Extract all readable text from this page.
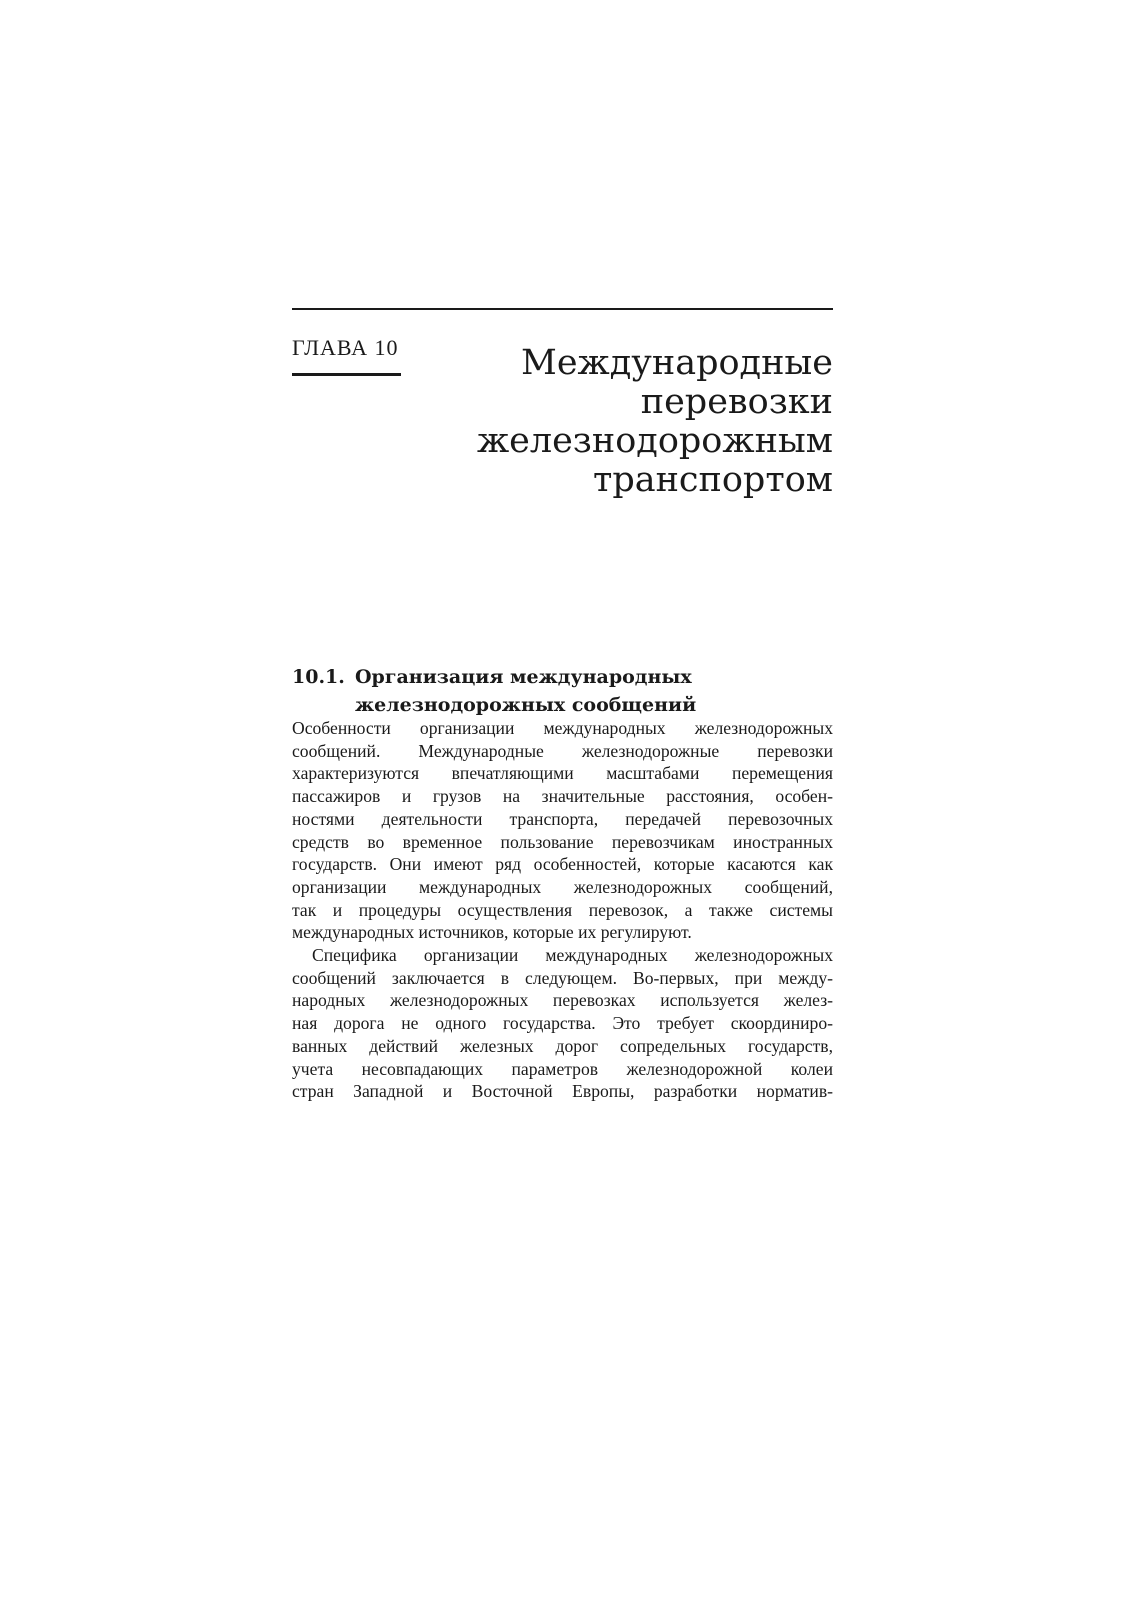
ГЛАВА 10	Международные
перевозки
железнодорожным
транспортом
10.1. Организация международных
железнодорожных сообщений
Особенности организации международных железнодорожных
сообщений. Международные железнодорожные перевозки
характеризуются впечатляющими масштабами перемещения
пассажиров и грузов на значительные расстояния, особен-
ностями деятельности транспорта, передачей перевозочных
средств во временное пользование перевозчикам иностранных
государств. Они имеют ряд особенностей, которые касаются как
организации международных железнодорожных сообщений,
так и процедуры осуществления перевозок, а также системы
международных источников, которые их регулируют.
Специфика организации международных железнодорожных
сообщений заключается в следующем. Во-первых, при между-
народных железнодорожных перевозках используется желез-
ная дорога не одного государства. Это требует скоординиро-
ванных действий железных дорог сопредельных государств,
учета несовпадающих параметров железнодорожной колеи
стран Западной и Восточной Европы, разработки норматив-
